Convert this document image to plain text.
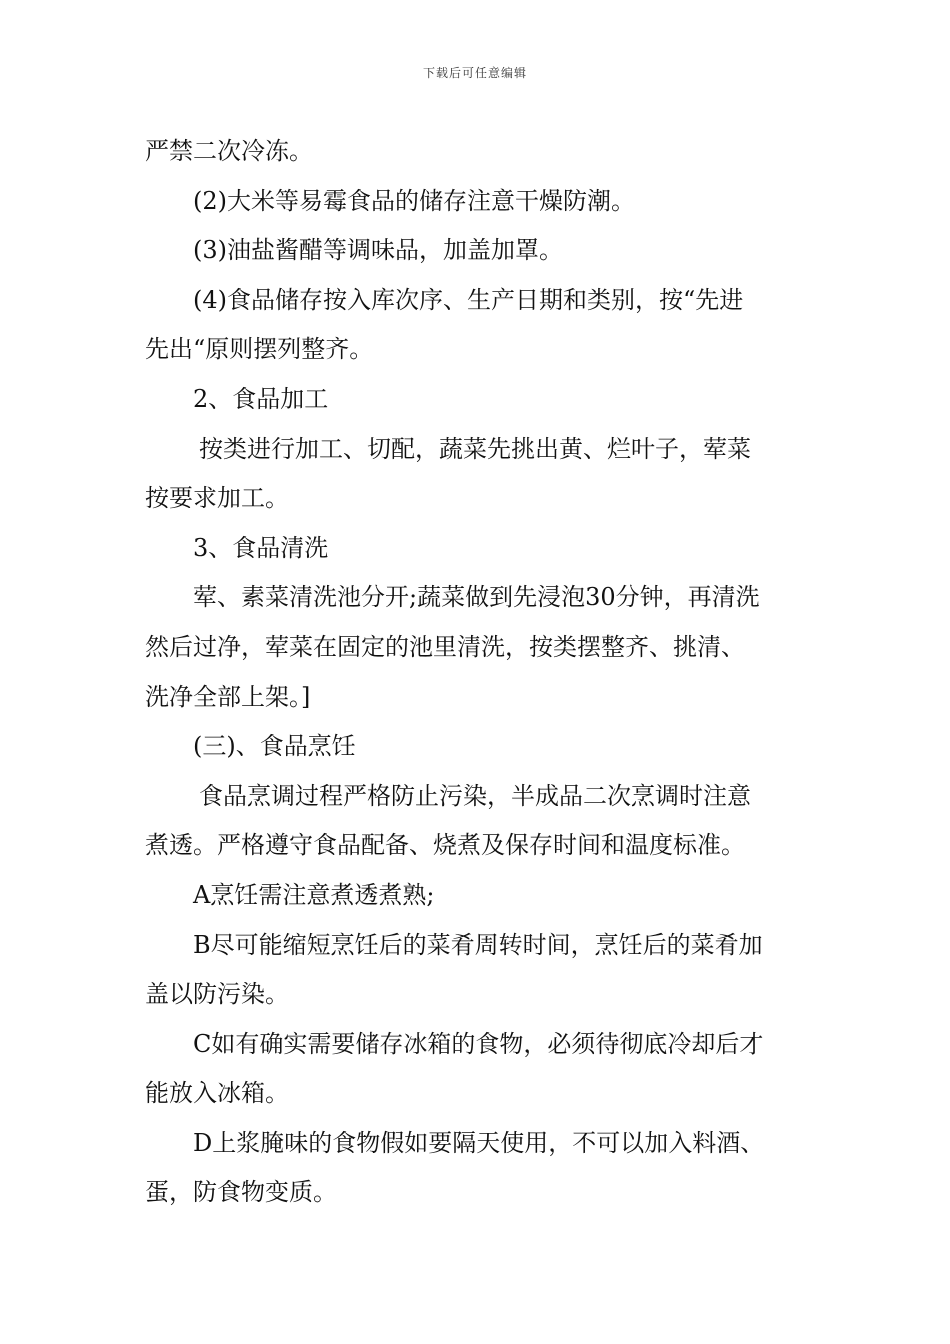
下载后可任意编辑
严禁二次冷冻。
(2)大米等易霉食品的储存注意干燥防潮。
(3)油盐酱醋等调味品，加盖加罩。
(4)食品储存按入库次序、生产日期和类别，按“先进
先出“原则摆列整齐。
2、食品加工
按类进行加工、切配，蔬菜先挑出黄、烂叶子，荤菜
按要求加工。
3、食品清洗
荤、素菜清洗池分开;蔬菜做到先浸泡30分钟，再清洗
然后过净，荤菜在固定的池里清洗，按类摆整齐、挑清、
洗净全部上架。]
(三)、食品烹饪
食品烹调过程严格防止污染，半成品二次烹调时注意
煮透。严格遵守食品配备、烧煮及保存时间和温度标准。
A烹饪需注意煮透煮熟;
B尽可能缩短烹饪后的菜肴周转时间，烹饪后的菜肴加
盖以防污染。
C如有确实需要储存冰箱的食物，必须待彻底冷却后才
能放入冰箱。
D上浆腌味的食物假如要隔天使用，不可以加入料酒、
蛋，防食物变质。
